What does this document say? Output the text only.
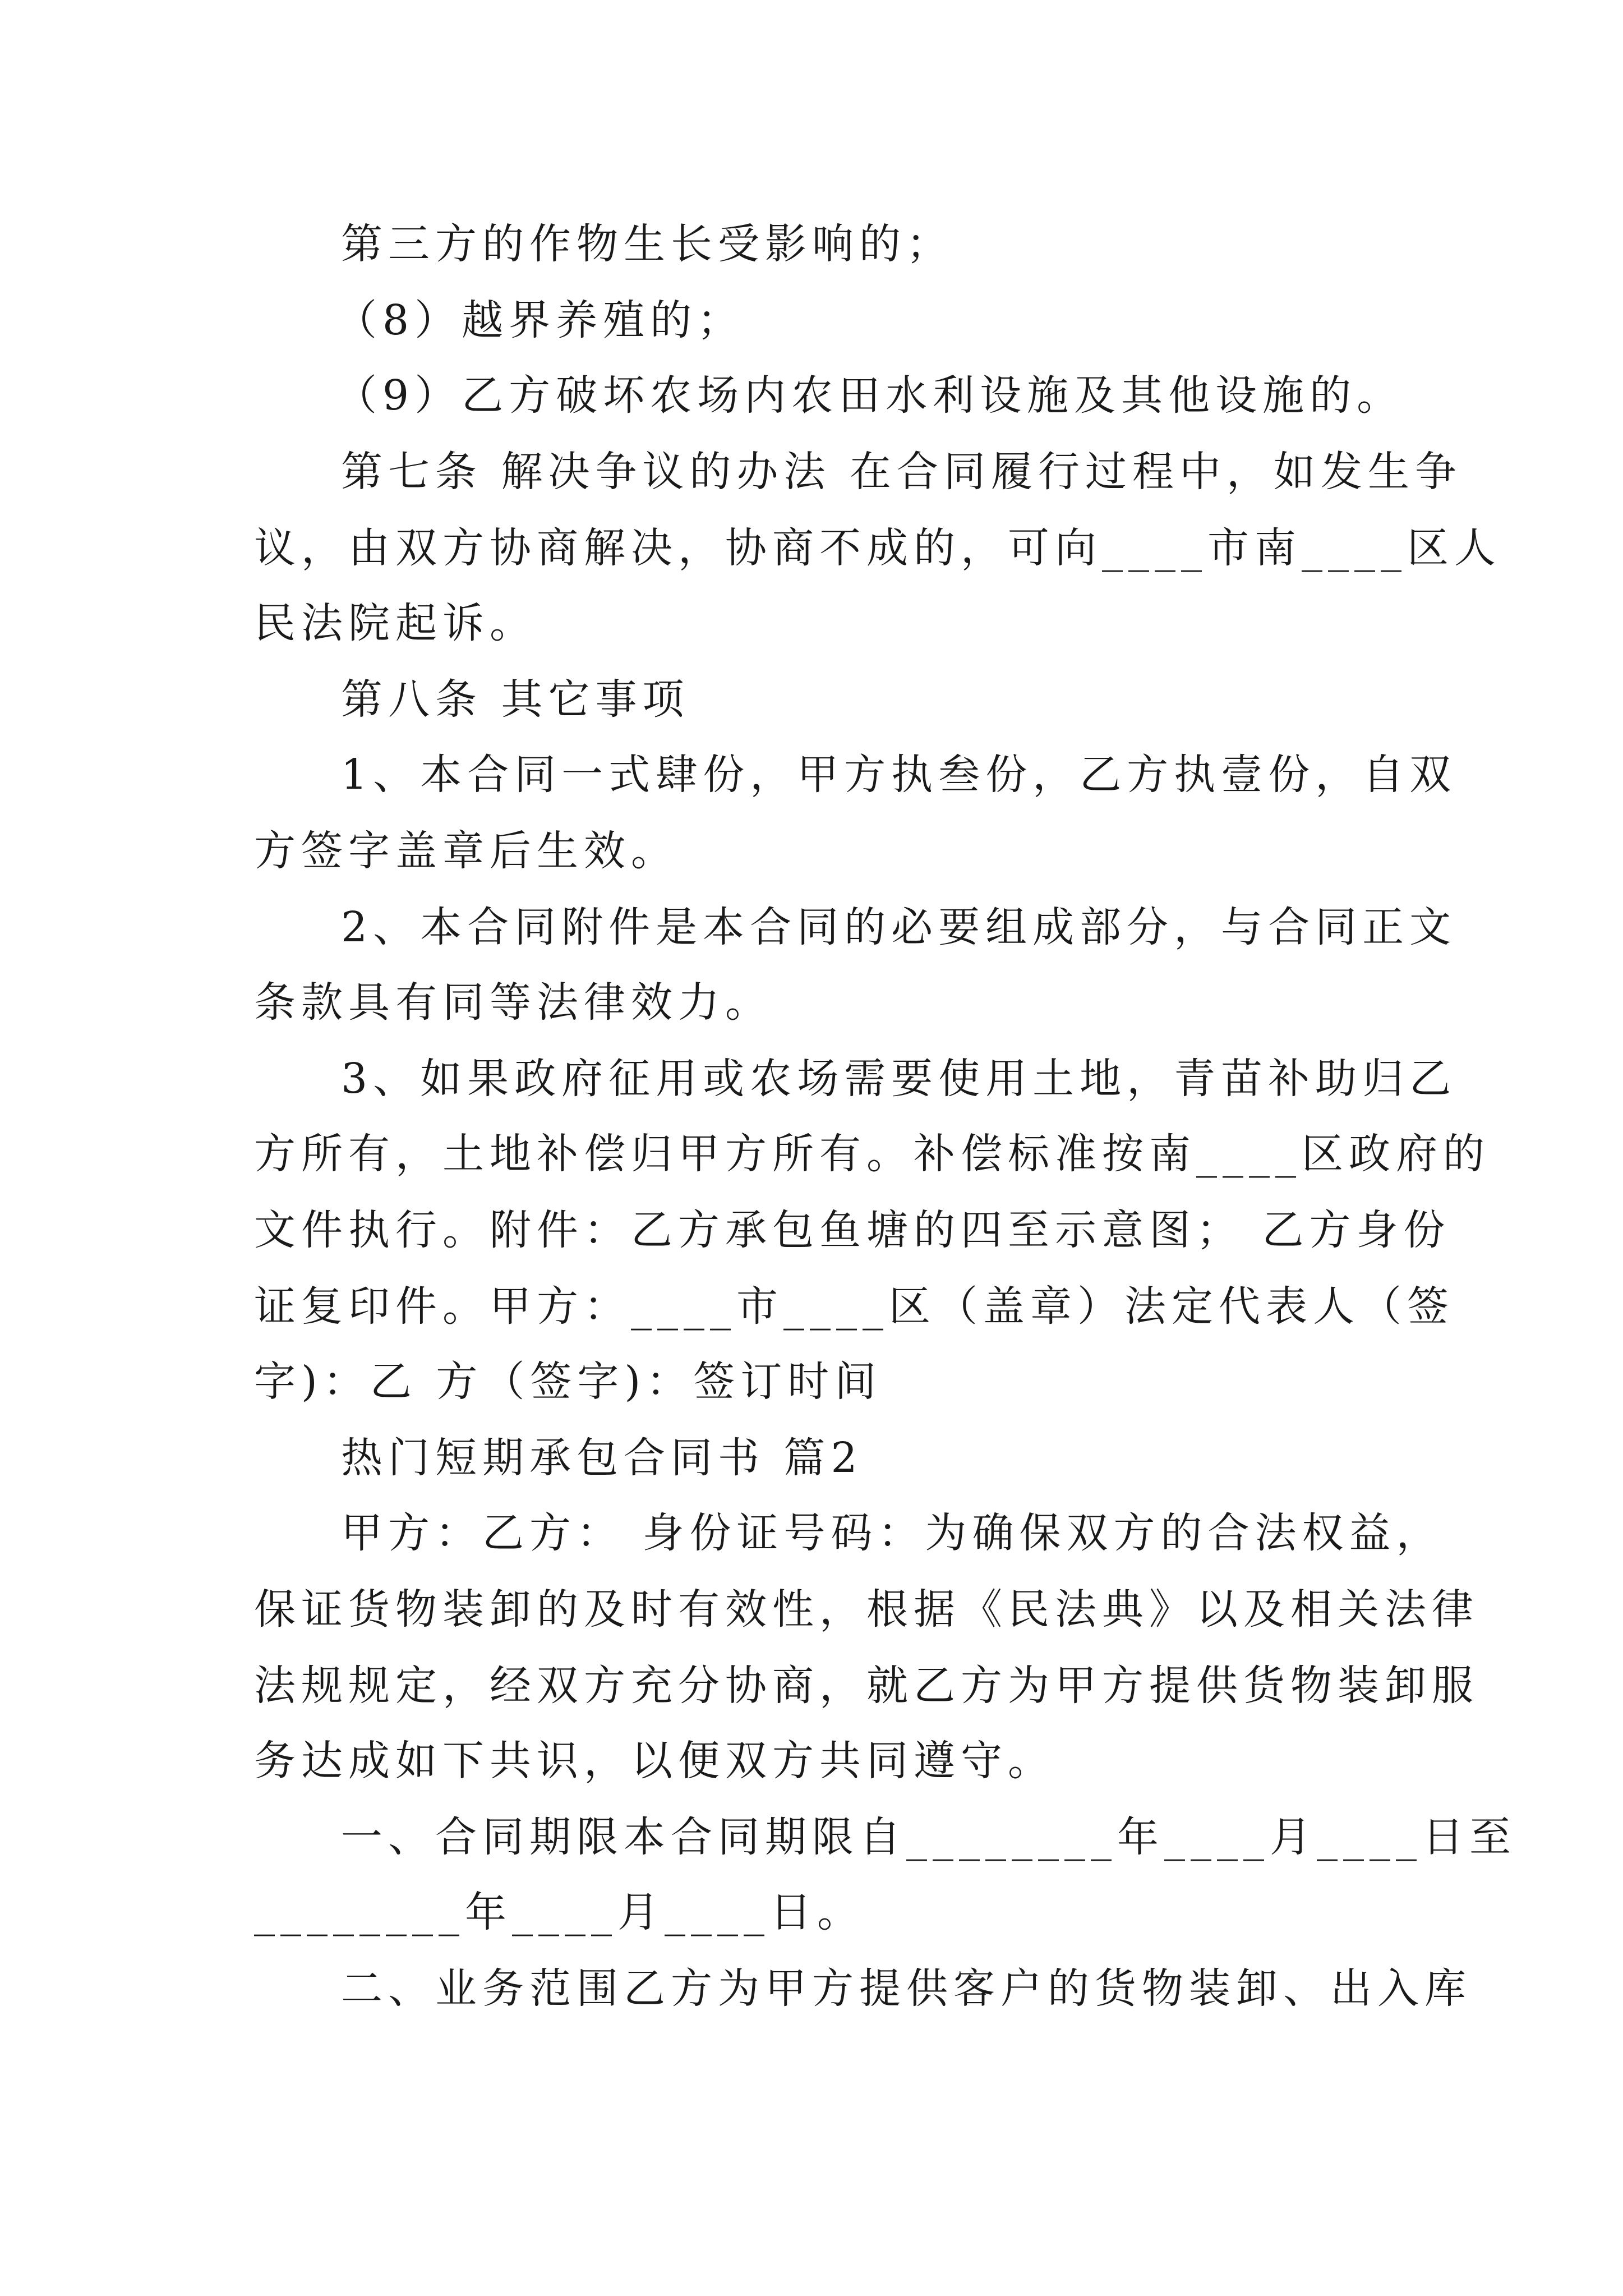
第三方的作物生长受影响的；
（8）越界养殖的；
（9）乙方破坏农场内农田水利设施及其他设施的。
第七条 解决争议的办法 在合同履行过程中，如发生争
议，由双方协商解决，协商不成的，可向____市南____区人
民法院起诉。
第八条 其它事项
1、本合同一式肆份，甲方执叁份，乙方执壹份，自双
方签字盖章后生效。
2、本合同附件是本合同的必要组成部分，与合同正文
条款具有同等法律效力。
3、如果政府征用或农场需要使用土地，青苗补助归乙
方所有，土地补偿归甲方所有。补偿标准按南____区政府的
文件执行。附件：乙方承包鱼塘的四至示意图； 乙方身份
证复印件。甲方：____市____区（盖章）法定代表人（签
字)：乙 方（签字)：签订时间
热门短期承包合同书 篇2
甲方：乙方： 身份证号码：为确保双方的合法权益，
保证货物装卸的及时有效性，根据《民法典》以及相关法律
法规规定，经双方充分协商，就乙方为甲方提供货物装卸服
务达成如下共识，以便双方共同遵守。
一、合同期限本合同期限自________年____月____日至
________年____月____日。
二、业务范围乙方为甲方提供客户的货物装卸、出入库
